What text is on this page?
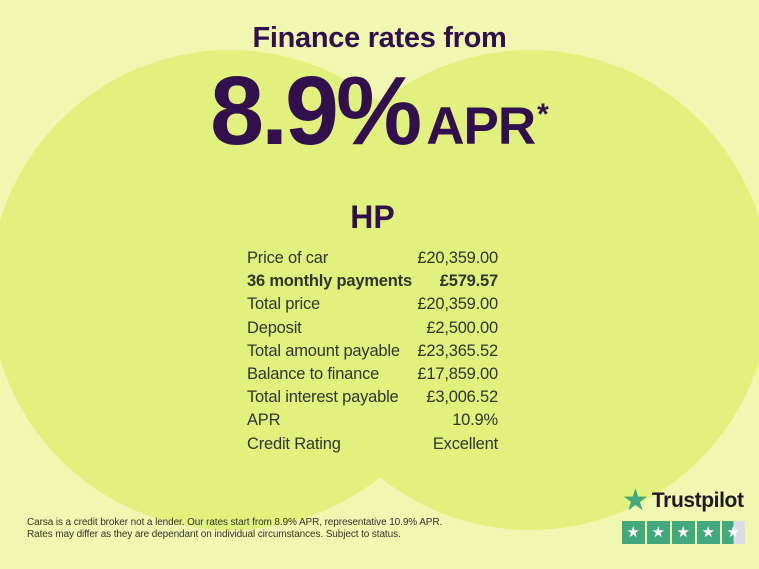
Finance rates from
8.9% APR *
HP
Price of car	£20,359.00
36 monthly payments £579.57
Total price	£20,359.00
Deposit	£2,500.00
Total amount payable £23,365.52
Balance to finance £17,859.00
Total interest payable £3,006.52
APR	10.9%
Credit Rating	Excellent

Carsa is a credit broker not a lender. Our rates start from 8.9% APR, representative 10.9% APR.
Rates may differ as they are dependant on individual circumstances. Subject to status.

★ Trustpilot
★ ★ ★ ★ ★
